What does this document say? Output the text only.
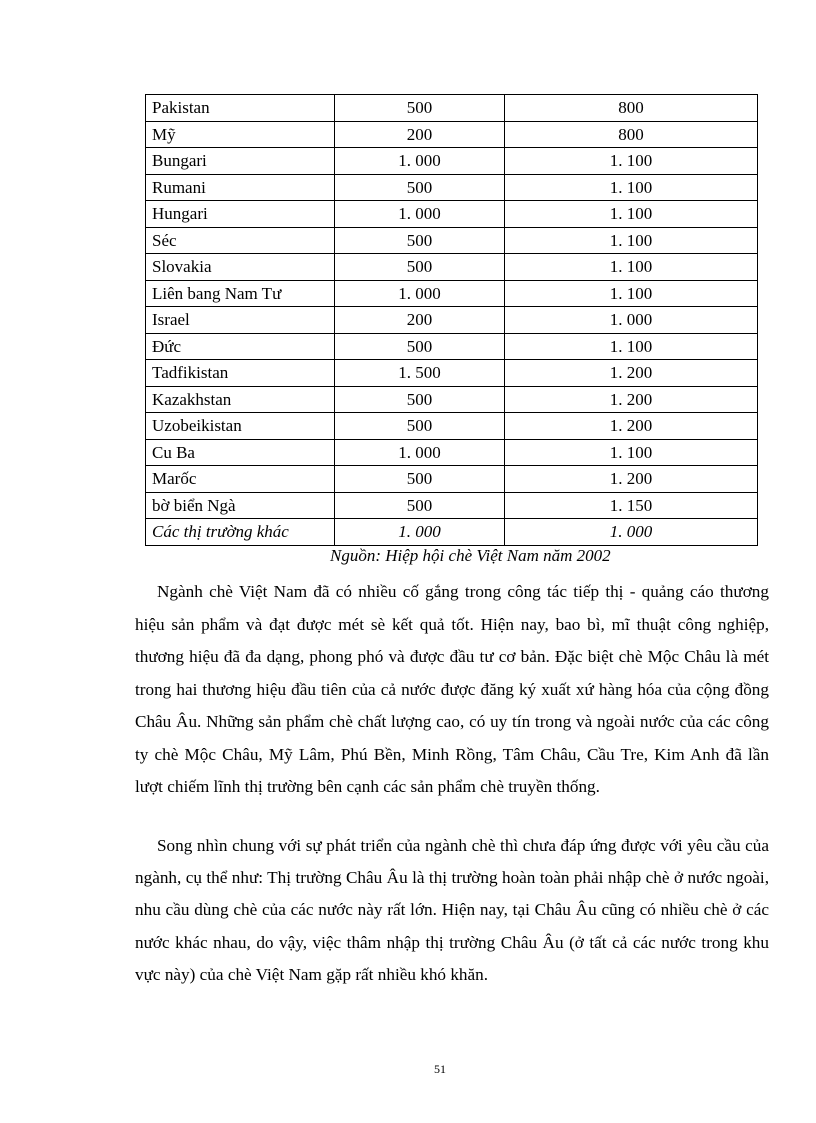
Pakistan	500	800
Mỹ	200	800
Bungari	1. 000	1. 100
Rumani	500	1. 100
Hungari	1. 000	1. 100
Séc	500	1. 100
Slovakia	500	1. 100
Liên bang Nam Tư	1. 000	1. 100
Israel	200	1. 000
Đức	500	1. 100
Tadfikistan	1. 500	1. 200
Kazakhstan	500	1. 200
Uzobeikistan	500	1. 200
Cu Ba	1. 000	1. 100
Marốc	500	1. 200
bờ biển Ngà	500	1. 150
Các thị trường khác	1. 000	1. 000
Nguồn: Hiệp hội chè Việt Nam năm 2002

Ngành chè Việt Nam đã có nhiều cố gắng trong công tác tiếp thị - quảng cáo thương hiệu sản phẩm và đạt được mét sè kết quả tốt. Hiện nay, bao bì, mĩ thuật công nghiệp, thương hiệu đã đa dạng, phong phó và được đầu tư cơ bản. Đặc biệt chè Mộc Châu là mét trong hai thương hiệu đầu tiên của cả nước được đăng ký xuất xứ hàng hóa của cộng đồng Châu Âu. Những sản phẩm chè chất lượng cao, có uy tín trong và ngoài nước của các công ty chè Mộc Châu, Mỹ Lâm, Phú Bền, Minh Rồng, Tâm Châu, Cầu Tre, Kim Anh đã lần lượt chiếm lĩnh thị trường bên cạnh các sản phẩm chè truyền thống.

Song nhìn chung với sự phát triển của ngành chè thì chưa đáp ứng được với yêu cầu của ngành, cụ thể như: Thị trường Châu Âu là thị trường hoàn toàn phải nhập chè ở nước ngoài, nhu cầu dùng chè của các nước này rất lớn. Hiện nay, tại Châu Âu cũng có nhiều chè ở các nước khác nhau, do vậy, việc thâm nhập thị trường Châu Âu (ở tất cả các nước trong khu vực này) của chè Việt Nam gặp rất nhiều khó khăn.

51
